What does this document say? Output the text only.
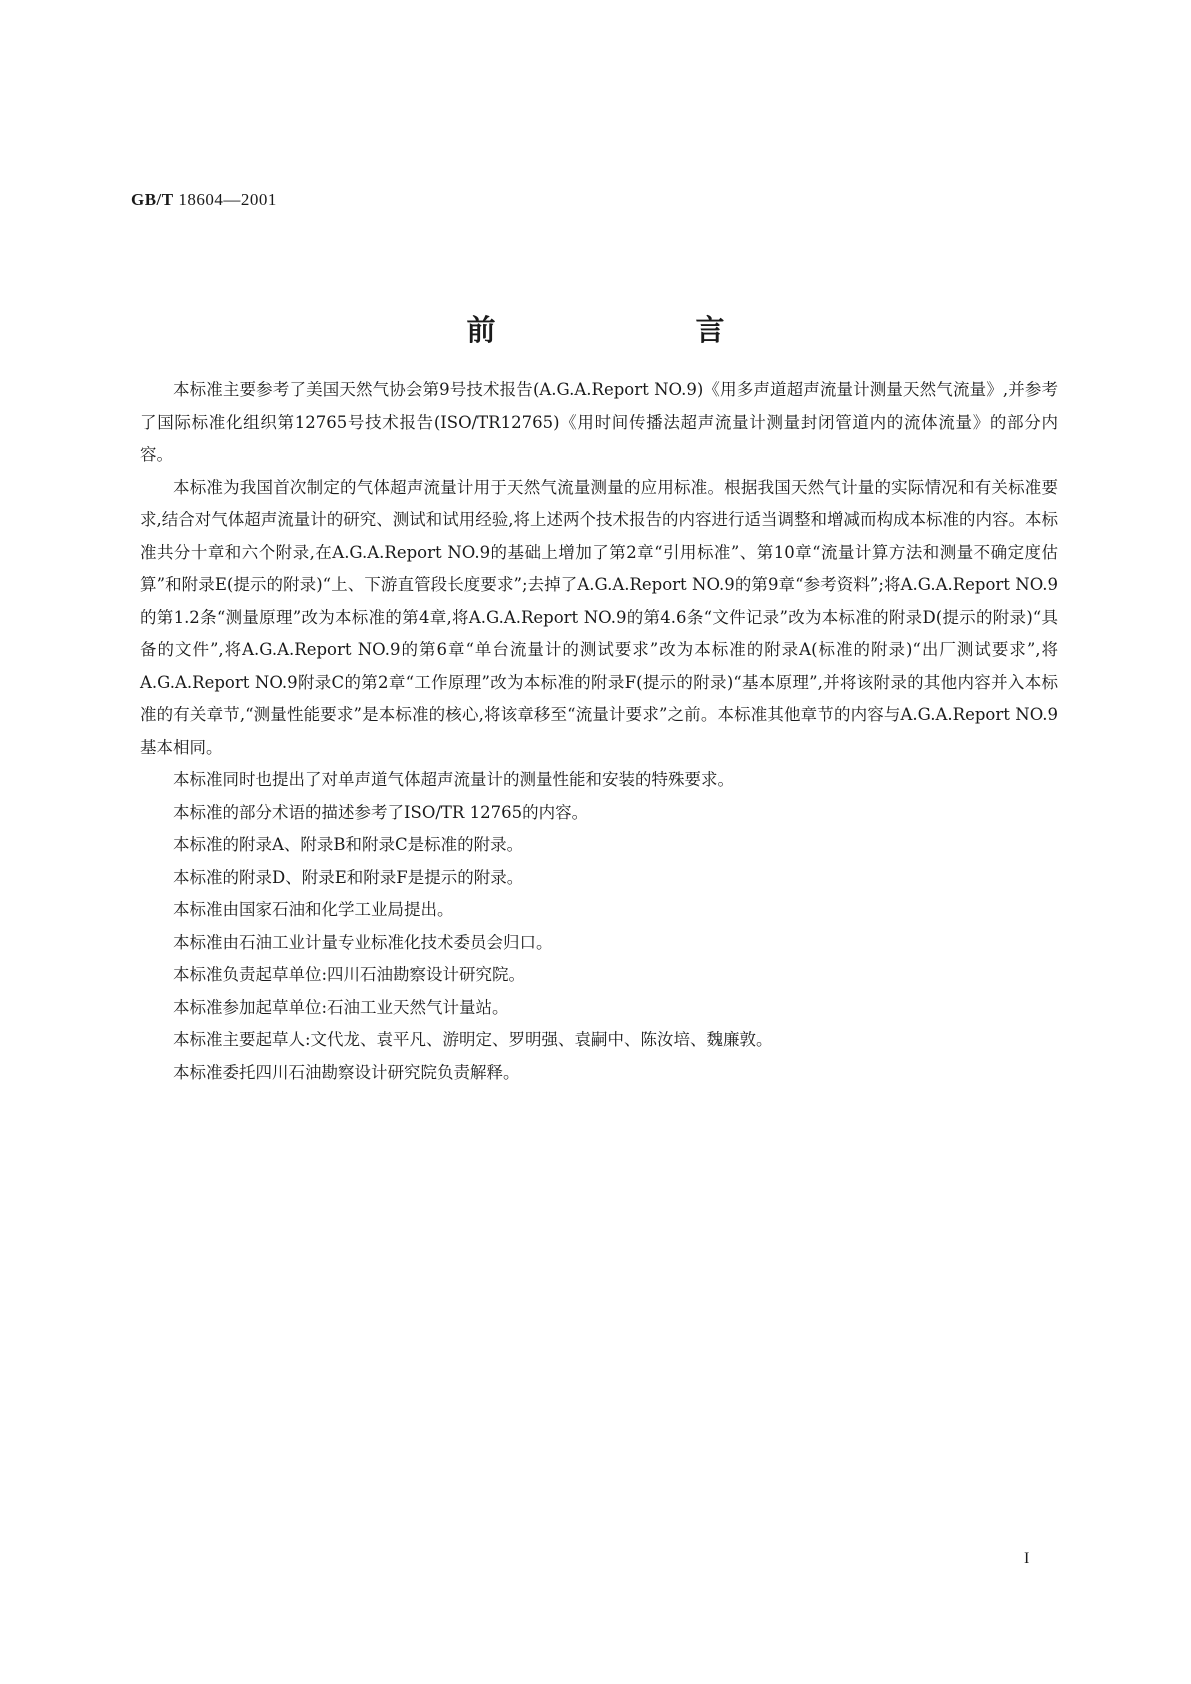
GB/T 18604—2001
前 言

本标准主要参考了美国天然气协会第9号技术报告(A.G.A.Report NO.9)《用多声道超声流量计测量天然气流量》,并参考了国际标准化组织第12765号技术报告(ISO/TR12765)《用时间传播法超声流量计测量封闭管道内的流体流量》的部分内容。

本标准为我国首次制定的气体超声流量计用于天然气流量测量的应用标准。根据我国天然气计量的实际情况和有关标准要求,结合对气体超声流量计的研究、测试和试用经验,将上述两个技术报告的内容进行适当调整和增减而构成本标准的内容。本标准共分十章和六个附录,在A.G.A.Report NO.9的基础上增加了第2章“引用标准”、第10章“流量计算方法和测量不确定度估算”和附录E(提示的附录)“上、下游直管段长度要求”;去掉了A.G.A.Report NO.9的第9章“参考资料”;将A.G.A.Report NO.9的第1.2条“测量原理”改为本标准的第4章,将A.G.A.Report NO.9的第4.6条“文件记录”改为本标准的附录D(提示的附录)“具备的文件”,将A.G.A.Report NO.9的第6章“单台流量计的测试要求”改为本标准的附录A(标准的附录)“出厂测试要求”,将A.G.A.Report NO.9附录C的第2章“工作原理”改为本标准的附录F(提示的附录)“基本原理”,并将该附录的其他内容并入本标准的有关章节,“测量性能要求”是本标准的核心,将该章移至“流量计要求”之前。本标准其他章节的内容与A.G.A.Report NO.9基本相同。

本标准同时也提出了对单声道气体超声流量计的测量性能和安装的特殊要求。

本标准的部分术语的描述参考了ISO/TR 12765的内容。

本标准的附录A、附录B和附录C是标准的附录。

本标准的附录D、附录E和附录F是提示的附录。

本标准由国家石油和化学工业局提出。

本标准由石油工业计量专业标准化技术委员会归口。

本标准负责起草单位:四川石油勘察设计研究院。

本标准参加起草单位:石油工业天然气计量站。

本标准主要起草人:文代龙、袁平凡、游明定、罗明强、袁嗣中、陈汝培、魏廉敦。

本标准委托四川石油勘察设计研究院负责解释。

I
